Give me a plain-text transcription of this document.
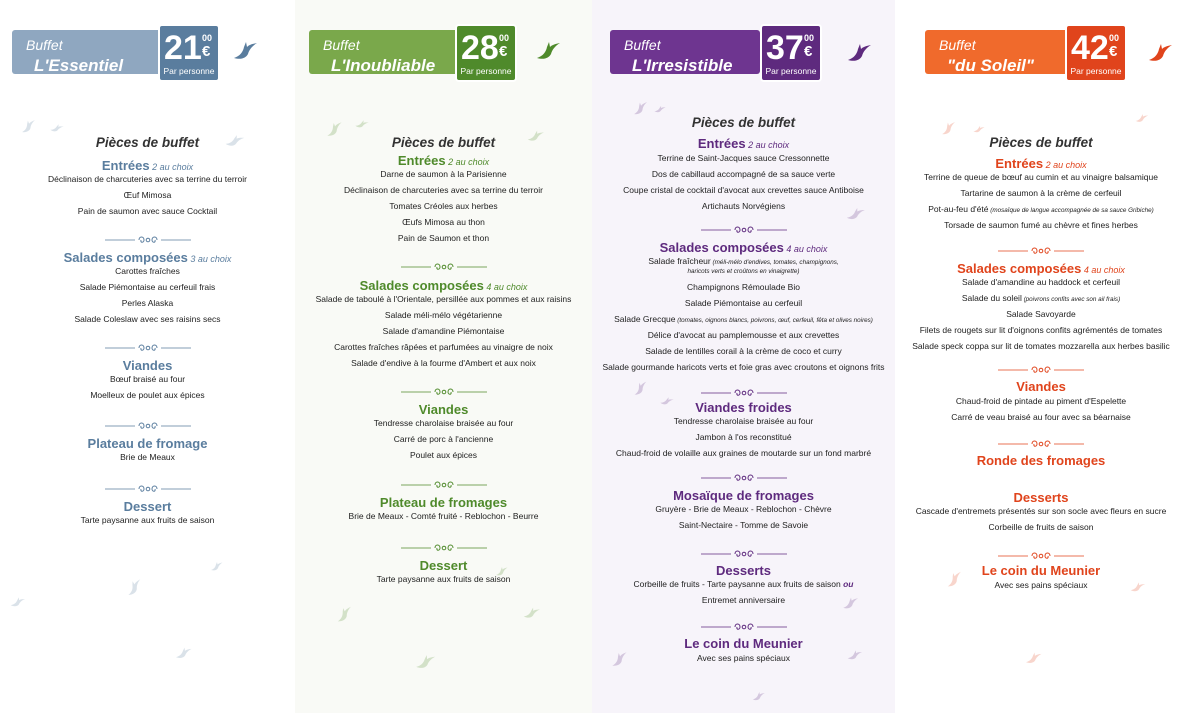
Buffet
L'Essentiel 21 00
€
Par personne
Pièces de buffet
Entrées 2 au choix
Déclinaison de charcuteries avec sa terrine du terroir
Œuf Mimosa
Pain de saumon avec sauce Cocktail
Salades composées 3 au choix
Carottes fraîches
Salade Piémontaise au cerfeuil frais
Perles Alaska
Salade Coleslaw avec ses raisins secs
Viandes
Bœuf braisé au four
Moelleux de poulet aux épices
Plateau de fromage
Brie de Meaux
Dessert
Tarte paysanne aux fruits de saison
Buffet
L'Inoubliable 28 00
€
Par personne
Pièces de buffet
Entrées 2 au choix
Darne de saumon à la Parisienne
Déclinaison de charcuteries avec sa terrine du terroir
Tomates Créoles aux herbes
Œufs Mimosa au thon
Pain de Saumon et thon
Salades composées 4 au choix
Salade de taboulé à l'Orientale, persillée aux pommes et aux raisins
Salade méli-mélo végétarienne
Salade d'amandine Piémontaise
Carottes fraîches râpées et parfumées au vinaigre de noix
Salade d'endive à la fourme d'Ambert et aux noix
Viandes
Tendresse charolaise braisée au four
Carré de porc à l'ancienne
Poulet aux épices
Plateau de fromages
Brie de Meaux - Comté fruité - Reblochon - Beurre
Dessert
Tarte paysanne aux fruits de saison
Buffet
L'Irresistible 37 00
€
Par personne
Pièces de buffet
Entrées 2 au choix
Terrine de Saint-Jacques sauce Cressonnette
Dos de cabillaud accompagné de sa sauce verte
Coupe cristal de cocktail d'avocat aux crevettes sauce Antiboise
Artichauts Norvégiens
Salades composées 4 au choix
Salade fraîcheur (méli-mélo d'endives, tomates, champignons,
haricots verts et croûtons en vinaigrette)
Champignons Rémoulade Bio
Salade Piémontaise au cerfeuil
Salade Grecque (tomates, oignons blancs, poivrons, œuf, cerfeuil, fêta et olives noires)
Délice d'avocat au pamplemousse et aux crevettes
Salade de lentilles corail à la crème de coco et curry
Salade gourmande haricots verts et foie gras avec croutons et oignons frits
Viandes froides
Tendresse charolaise braisée au four
Jambon à l'os reconstitué
Chaud-froid de volaille aux graines de moutarde sur un fond marbré
Mosaïque de fromages
Gruyère - Brie de Meaux - Reblochon - Chèvre
Saint-Nectaire - Tomme de Savoie
Desserts
Corbeille de fruits - Tarte paysanne aux fruits de saison ou
Entremet anniversaire
Le coin du Meunier
Avec ses pains spéciaux
Buffet
"du Soleil" 42 00
€
Par personne
Pièces de buffet
Entrées 2 au choix
Terrine de queue de bœuf au cumin et au vinaigre balsamique
Tartarine de saumon à la crème de cerfeuil
Pot-au-feu d'été (mosaïque de langue accompagnée de sa sauce Gribiche)
Torsade de saumon fumé au chèvre et fines herbes
Salades composées 4 au choix
Salade d'amandine au haddock et cerfeuil
Salade du soleil (poivrons confits avec son ail frais)
Salade Savoyarde
Filets de rougets sur lit d'oignons confits agrémentés de tomates
Salade speck coppa sur lit de tomates mozzarella aux herbes basilic
Viandes
Chaud-froid de pintade au piment d'Espelette
Carré de veau braisé au four avec sa béarnaise
Ronde des fromages
Desserts
Cascade d'entremets présentés sur son socle avec fleurs en sucre
Corbeille de fruits de saison
Le coin du Meunier
Avec ses pains spéciaux
